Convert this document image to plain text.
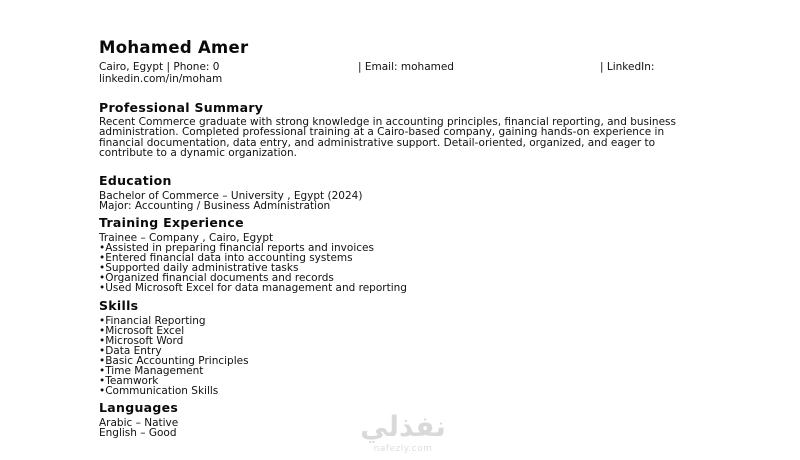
Mohamed Amer
Cairo, Egypt | Phone: 0	| Email: mohamed	| LinkedIn:
linkedin.com/in/moham
Professional Summary

Recent Commerce graduate with strong knowledge in accounting principles, financial reporting, and business administration. Completed professional training at a Cairo-based company, gaining hands-on experience in financial documentation, data entry, and administrative support. Detail-oriented, organized, and eager to contribute to a dynamic organization.

Education

Bachelor of Commerce – University , Egypt (2024)

Major: Accounting / Business Administration

Training Experience

Trainee – Company , Cairo, Egypt

• Assisted in preparing financial reports and invoices
• Entered financial data into accounting systems
• Supported daily administrative tasks
• Organized financial documents and records
• Used Microsoft Excel for data management and reporting
Skills
• Financial Reporting
• Microsoft Excel
• Microsoft Word
• Data Entry
• Basic Accounting Principles
• Time Management
• Teamwork
• Communication Skills
Languages

Arabic – Native

English – Good	نفذلي
nafezly.com
